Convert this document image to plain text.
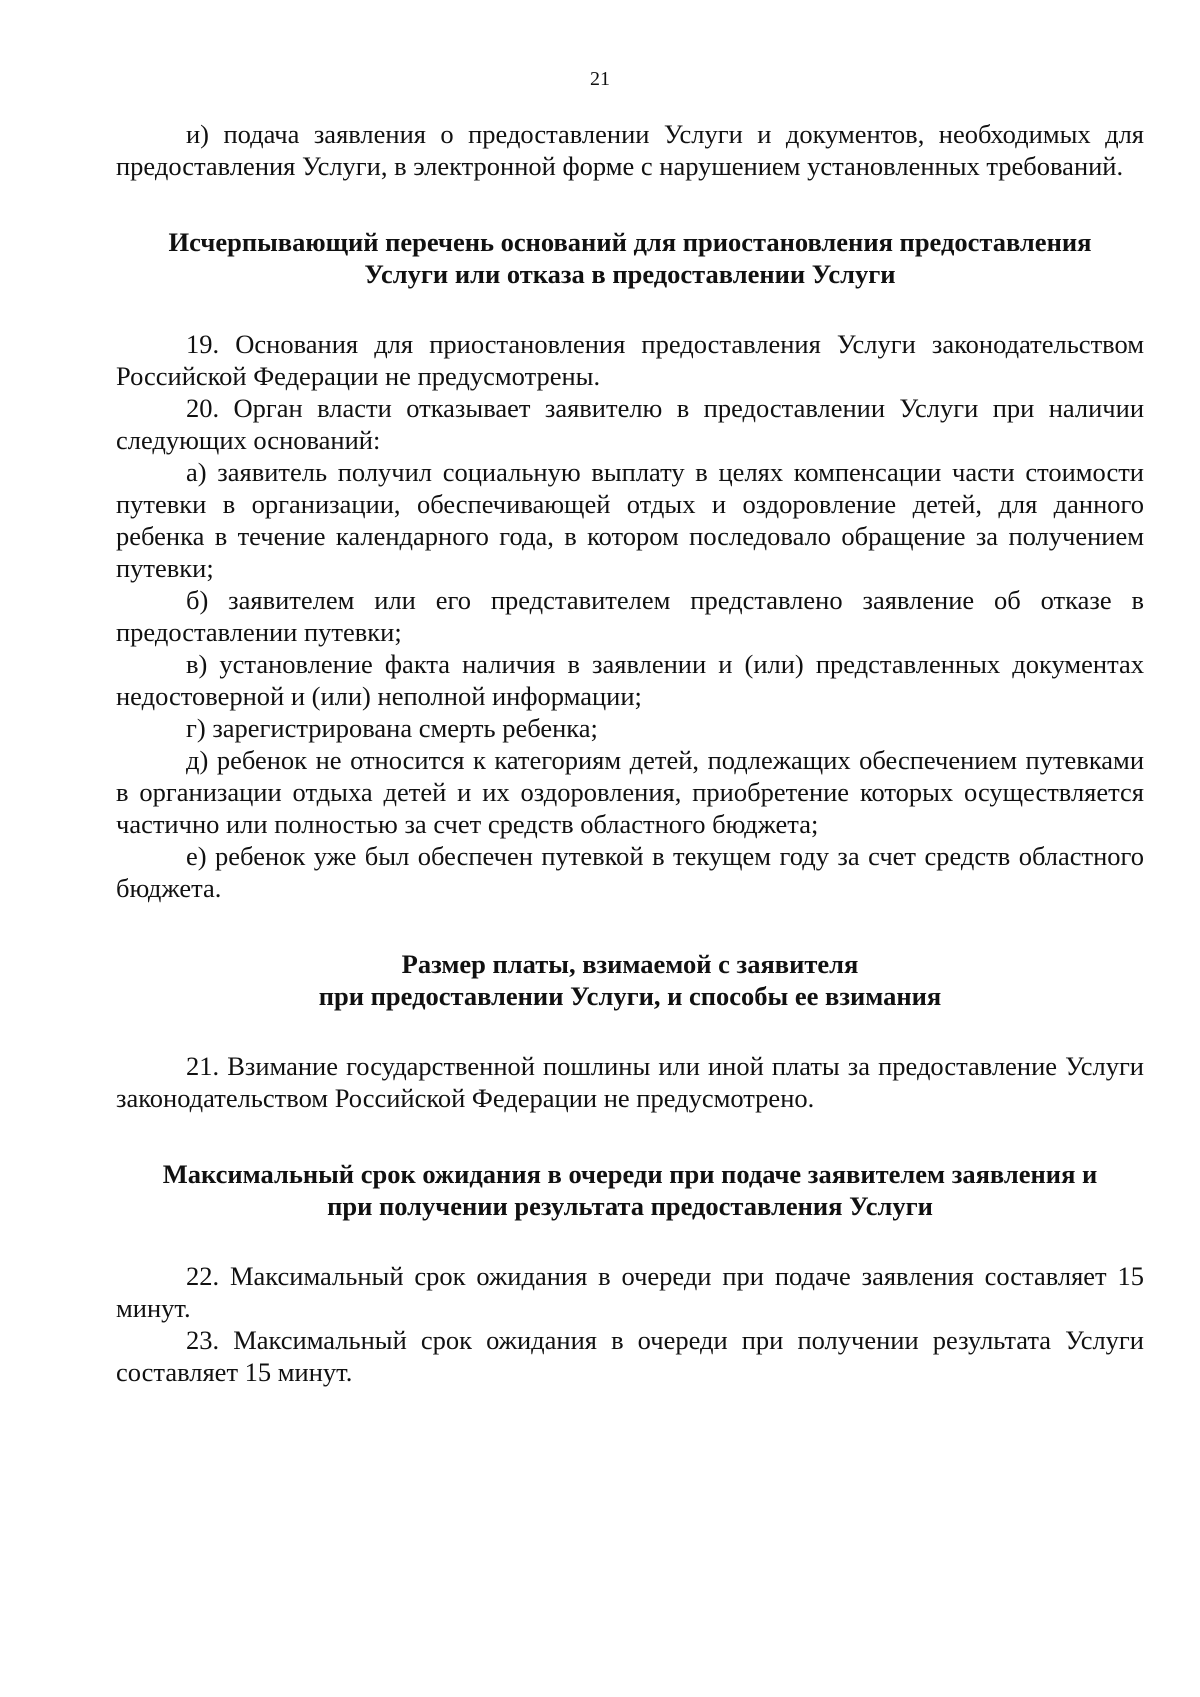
21

и) подача заявления о предоставлении Услуги и документов, необходимых для предоставления Услуги, в электронной форме с нарушением установленных требований.

Исчерпывающий перечень оснований для приостановления предоставления
Услуги или отказа в предоставлении Услуги

19. Основания для приостановления предоставления Услуги законодательством Российской Федерации не предусмотрены.

20. Орган власти отказывает заявителю в предоставлении Услуги при наличии следующих оснований:

а) заявитель получил социальную выплату в целях компенсации части стоимости путевки в организации, обеспечивающей отдых и оздоровление детей, для данного ребенка в течение календарного года, в котором последовало обращение за получением путевки;

б) заявителем или его представителем представлено заявление об отказе в предоставлении путевки;

в) установление факта наличия в заявлении и (или) представленных документах недостоверной и (или) неполной информации;

г) зарегистрирована смерть ребенка;

д) ребенок не относится к категориям детей, подлежащих обеспечением путевками в организации отдыха детей и их оздоровления, приобретение которых осуществляется частично или полностью за счет средств областного бюджета;

е) ребенок уже был обеспечен путевкой в текущем году за счет средств областного бюджета.

Размер платы, взимаемой с заявителя
при предоставлении Услуги, и способы ее взимания

21. Взимание государственной пошлины или иной платы за предоставление Услуги законодательством Российской Федерации не предусмотрено.

Максимальный срок ожидания в очереди при подаче заявителем заявления и
при получении результата предоставления Услуги

22. Максимальный срок ожидания в очереди при подаче заявления составляет 15 минут.

23. Максимальный срок ожидания в очереди при получении результата Услуги составляет 15 минут.
